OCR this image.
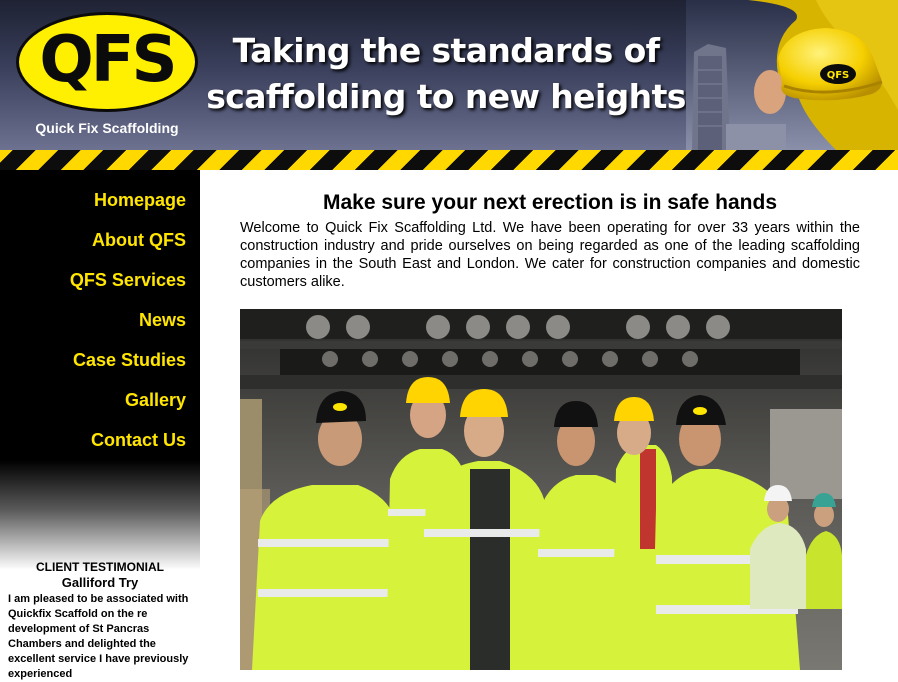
QFS
Quick Fix Scaffolding
Taking the standards of
scaffolding to new heights
QFS
Homepage
About QFS
QFS Services
News
Case Studies
Gallery
Contact Us
CLIENT TESTIMONIAL
Galliford Try
I am pleased to be associated with Quickfix Scaffold on the re development of St Pancras Chambers and delighted the excellent service I have previously experienced
Make sure your next erection is in safe hands

Welcome to Quick Fix Scaffolding Ltd. We have been operating for over 33 years within the construction industry and pride ourselves on being regarded as one of the leading scaffolding companies in the South East and London. We cater for construction companies and domestic customers alike.
